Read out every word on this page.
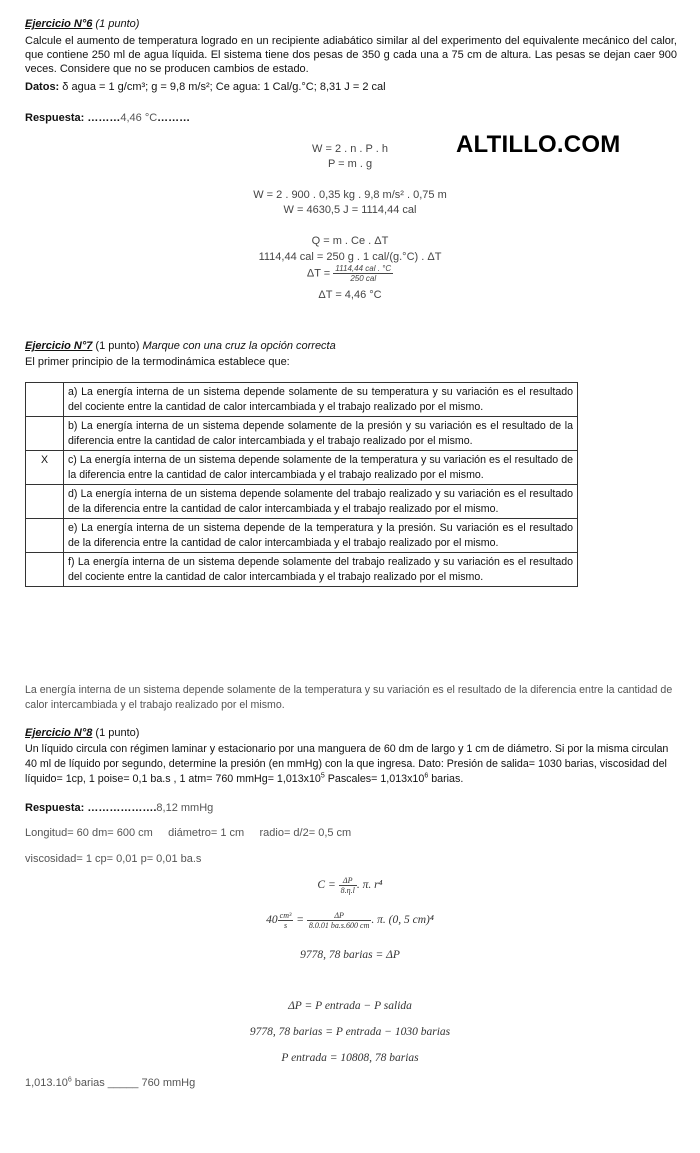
Ejercicio N°6 (1 punto)
Calcule el aumento de temperatura logrado en un recipiente adiabático similar al del experimento del equivalente mecánico del calor, que contiene 250 ml de agua líquida. El sistema tiene dos pesas de 350 g cada una a 75 cm de altura. Las pesas se dejan caer 900 veces. Considere que no se producen cambios de estado.
Datos: δ agua = 1 g/cm³; g = 9,8 m/s²; Ce agua: 1 Cal/g.°C; 8,31 J = 2 cal
Respuesta: ………4,46 °C………
ALTILLO.COM
W = 2 . n . P . h
P = m . g
W = 2 . 900 . 0,35 kg . 9,8 m/s² . 0,75 m
W = 4630,5 J = 1114,44 cal
Q = m . Ce . ΔT
1114,44 cal = 250 g . 1 cal/(g.°C) . ΔT
$\Delta T = \frac{\text{1114,44 cal . °C}}{\text{250 cal}}$
ΔT = 4,46 °C
Ejercicio N°7 (1 punto) Marque con una cruz la opción correcta
El primer principio de la termodinámica establece que:
	a) La energía interna de un sistema depende solamente de su temperatura y su variación es el resultado del cociente entre la cantidad de calor intercambiada y el trabajo realizado por el mismo.
	b) La energía interna de un sistema depende solamente de la presión y su variación es el resultado de la diferencia entre la cantidad de calor intercambiada y el trabajo realizado por el mismo.
X	c) La energía interna de un sistema depende solamente de la temperatura y su variación es el resultado de la diferencia entre la cantidad de calor intercambiada y el trabajo realizado por el mismo.
	d) La energía interna de un sistema depende solamente del trabajo realizado y su variación es el resultado de la diferencia entre la cantidad de calor intercambiada y el trabajo realizado por el mismo.
	e) La energía interna de un sistema depende de la temperatura y la presión. Su variación es el resultado de la diferencia entre la cantidad de calor intercambiada y el trabajo realizado por el mismo.
	f) La energía interna de un sistema depende solamente del trabajo realizado y su variación es el resultado del cociente entre la cantidad de calor intercambiada y el trabajo realizado por el mismo.
La energía interna de un sistema depende solamente de la temperatura y su variación es el resultado de la diferencia entre la cantidad de calor intercambiada y el trabajo realizado por el mismo.
Ejercicio N°8 (1 punto)
Un líquido circula con régimen laminar y estacionario por una manguera de 60 dm de largo y 1 cm de diámetro. Si por la misma circulan 40 ml de líquido por segundo, determine la presión (en mmHg) con la que ingresa. Dato: Presión de salida= 1030 barias, viscosidad del líquido= 1cp, 1 poise= 0,1 ba.s , 1 atm= 760 mmHg= $1,013x10^5$ Pascales= $1,013x10^6$ barias.
Respuesta: ……………….8,12 mmHg
Longitud= 60 dm= 600 cm     diámetro= 1 cm     radio= d/2= 0,5 cm
viscosidad= 1 cp= 0,01 p= 0,01 ba.s
$C = \frac{\Delta P}{8.\eta.l}$ . π. r⁴
$40 \frac{\text{cm³}}{s} = \frac{\Delta P}{8.0.01 ba.s.600 cm}$ . π. (0, 5 cm)⁴
9778, 78 barias = ΔP
ΔP = P entrada − P salida
9778, 78 barias = P entrada − 1030 barias
P entrada = 10808, 78 barias
1,013.10$^6$ barias _____ 760 mmHg
